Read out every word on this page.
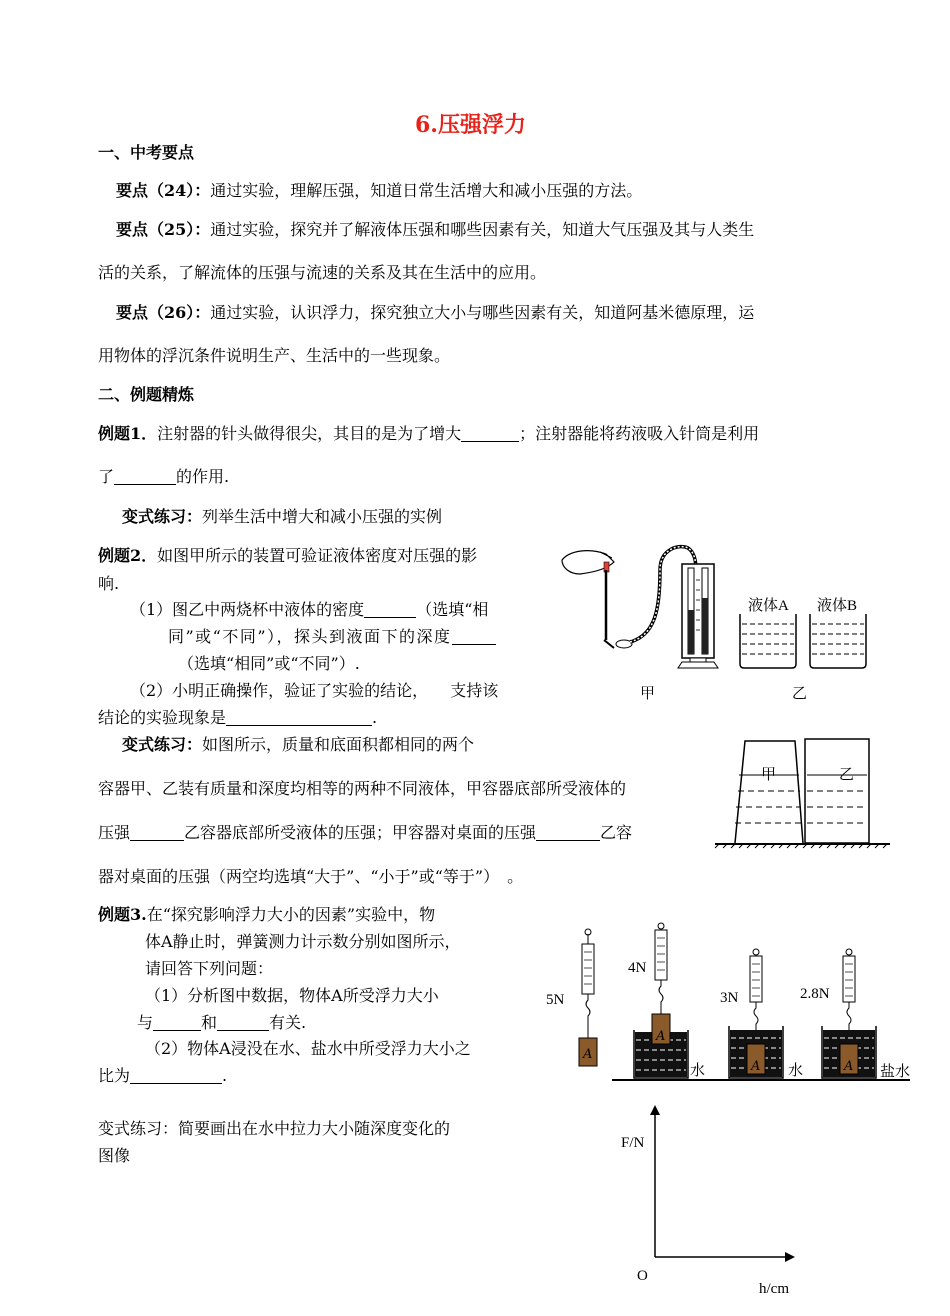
6.压强浮力
一、中考要点
要点（24）：通过实验，理解压强，知道日常生活增大和减小压强的方法。
要点（25）：通过实验，探究并了解液体压强和哪些因素有关，知道大气压强及其与人类生
活的关系，了解流体的压强与流速的关系及其在生活中的应用。
要点（26）：通过实验，认识浮力，探究独立大小与哪些因素有关，知道阿基米德原理，运
用物体的浮沉条件说明生产、生活中的一些现象。
二、例题精炼
例题1．注射器的针头做得很尖，其目的是为了增大	；注射器能将药液吸入针筒是利用
了	的作用.
变式练习：列举生活中增大和减小压强的实例
例题2．如图甲所示的装置可验证液体密度对压强的影
响.
（1）图乙中两烧杯中液体的密度	（选填“相
同”或“不同”），探头到液面下的深度
（选填“相同”或“不同”）.
（2）小明正确操作，验证了实验的结论， 支持该
结论的实验现象是	.
液体A 液体B
甲	乙
变式练习：如图所示，质量和底面积都相同的两个
容器甲、乙装有质量和深度均相等的两种不同液体，甲容器底部所受液体的
压强	乙容器底部所受液体的压强；甲容器对桌面的压强	乙容
器对桌面的压强（两空均选填“大于”、“小于”或“等于”）　。
甲	乙
例题3.在“探究影响浮力大小的因素”实验中，物
体A静止时，弹簧测力计示数分别如图所示，
请回答下列问题：
（1）分析图中数据，物体A所受浮力大小
与	和	有关.
（2）物体A浸没在水、盐水中所受浮力大小之
比为	.
A
5N
A
4N
水	A
3N
水	A
2.8N
盐水
变式练习：简要画出在水中拉力大小随深度变化的
图像
F/N
O
h/cm
